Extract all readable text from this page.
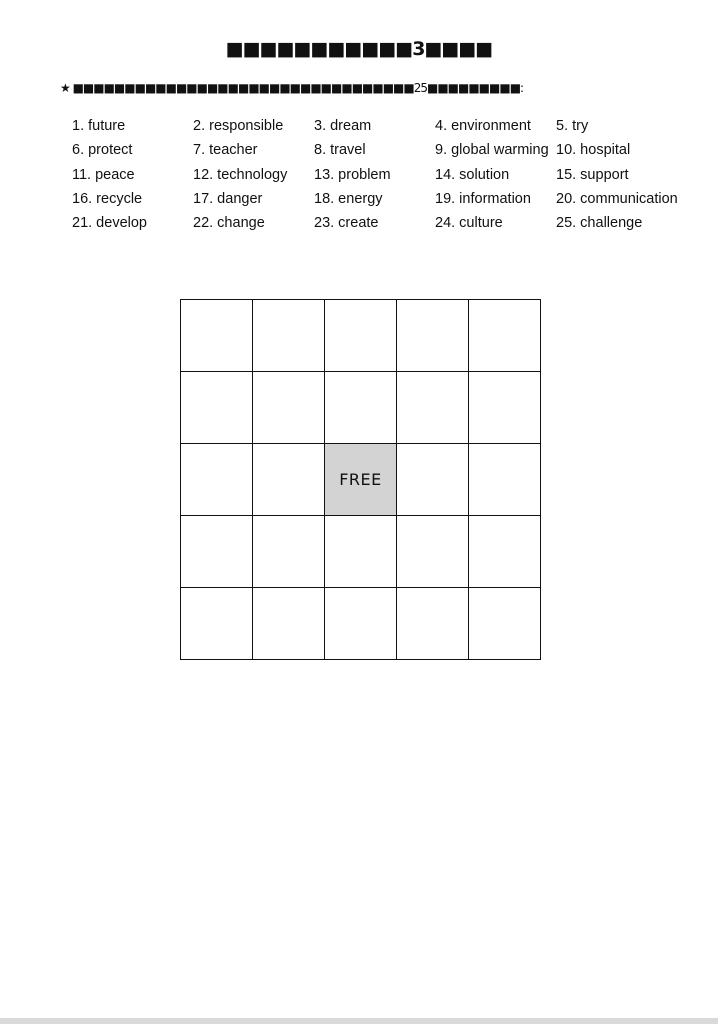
■■■■■■■■■■■3■■■■
★ ■■■■■■■■■■■■■■■■■■■■■■■■■■■■■■■■■25■■■■■■■■■:
1. future	2. responsible	3. dream	4. environment	5. try
6. protect	7. teacher	8. travel	9. global warming 10. hospital
11. peace	12. technology	13. problem	14. solution	15. support
16. recycle	17. danger	18. energy	19. information	20. communication
21. develop	22. change	23. create	24. culture	25. challenge

		FREE		
